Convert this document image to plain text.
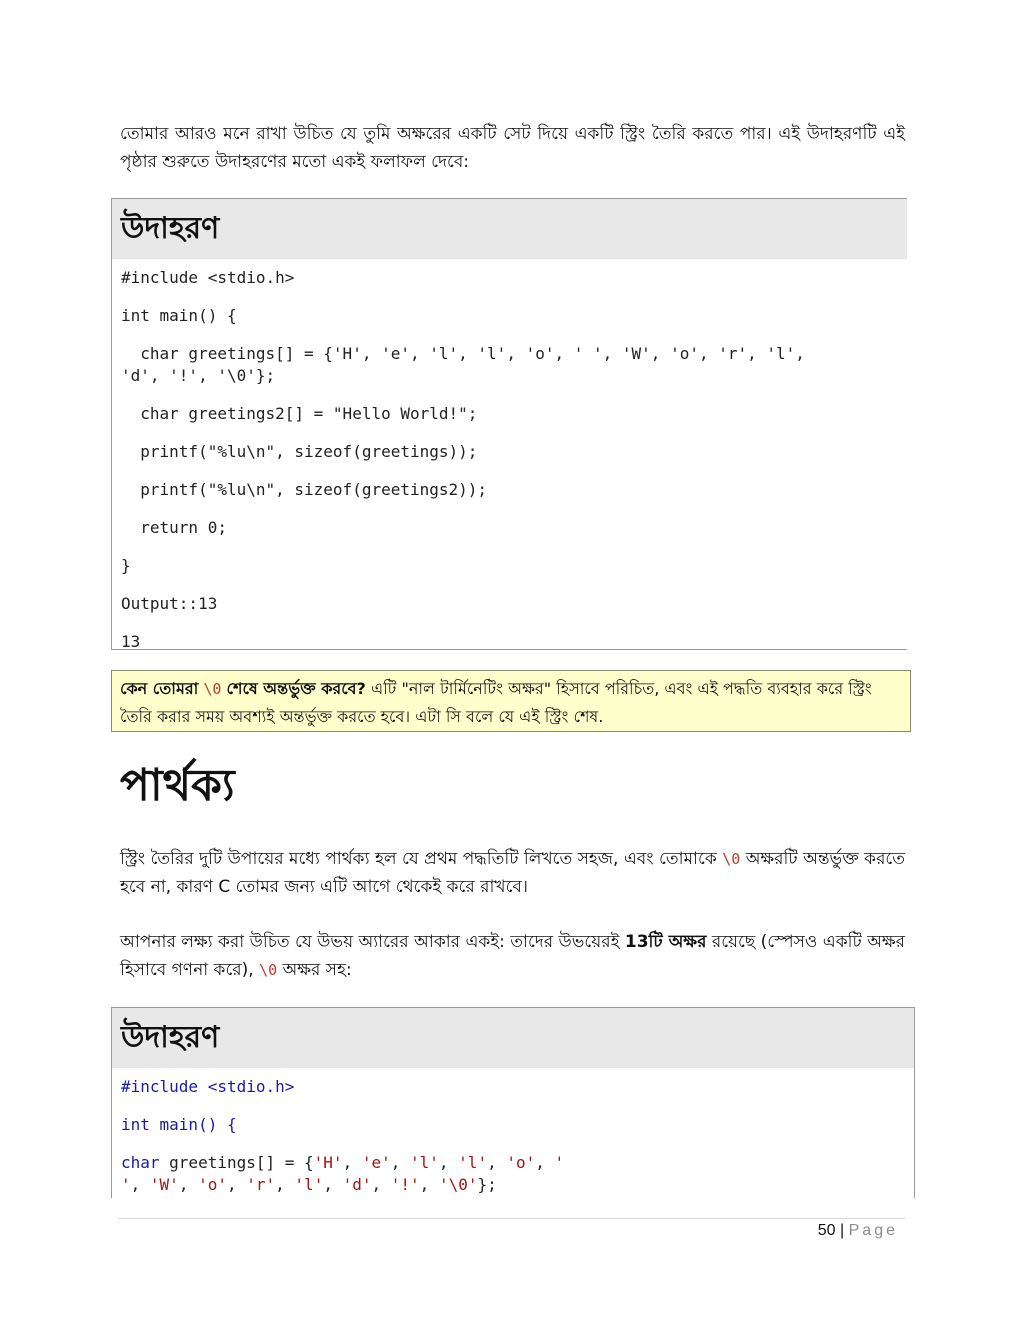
তোমার আরও মনে রাখা উচিত যে তুমি অক্ষরের একটি সেট দিয়ে একটি স্ট্রিং তৈরি করতে পার। এই উদাহরণটি এই পৃষ্ঠার শুরুতে উদাহরণের মতো একই ফলাফল দেবে:
উদাহরণ
#include <stdio.h>
int main() {
char greetings[] = {'H', 'e', 'l', 'l', 'o', ' ', 'W', 'o', 'r', 'l',
'd', '!', '\0'};
char greetings2[] = "Hello World!";
printf("%lu\n", sizeof(greetings));
printf("%lu\n", sizeof(greetings2));
return 0;
}
Output::13
13
কেন তোমরা \0 শেষে অন্তর্ভুক্ত করবে? এটি "নাল টার্মিনেটিং অক্ষর" হিসাবে পরিচিত, এবং এই পদ্ধতি ব্যবহার করে স্ট্রিং তৈরি করার সময় অবশ্যই অন্তর্ভুক্ত করতে হবে। এটা সি বলে যে এই স্ট্রিং শেষ.
পার্থক্য
স্ট্রিং তৈরির দুটি উপায়ের মধ্যে পার্থক্য হল যে প্রথম পদ্ধতিটি লিখতে সহজ, এবং তোমাকে \0 অক্ষরটি অন্তর্ভুক্ত করতে হবে না, কারণ C তোমর জন্য এটি আগে থেকেই করে রাখবে।
আপনার লক্ষ্য করা উচিত যে উভয় অ্যারের আকার একই: তাদের উভয়েরই 13টি অক্ষর রয়েছে (স্পেসও একটি অক্ষর হিসাবে গণনা করে), \0 অক্ষর সহ:
উদাহরণ
#include <stdio.h>
int main() {
char greetings[] = {'H', 'e', 'l', 'l', 'o', '
', 'W', 'o', 'r', 'l', 'd', '!', '\0'};
50 | Page
